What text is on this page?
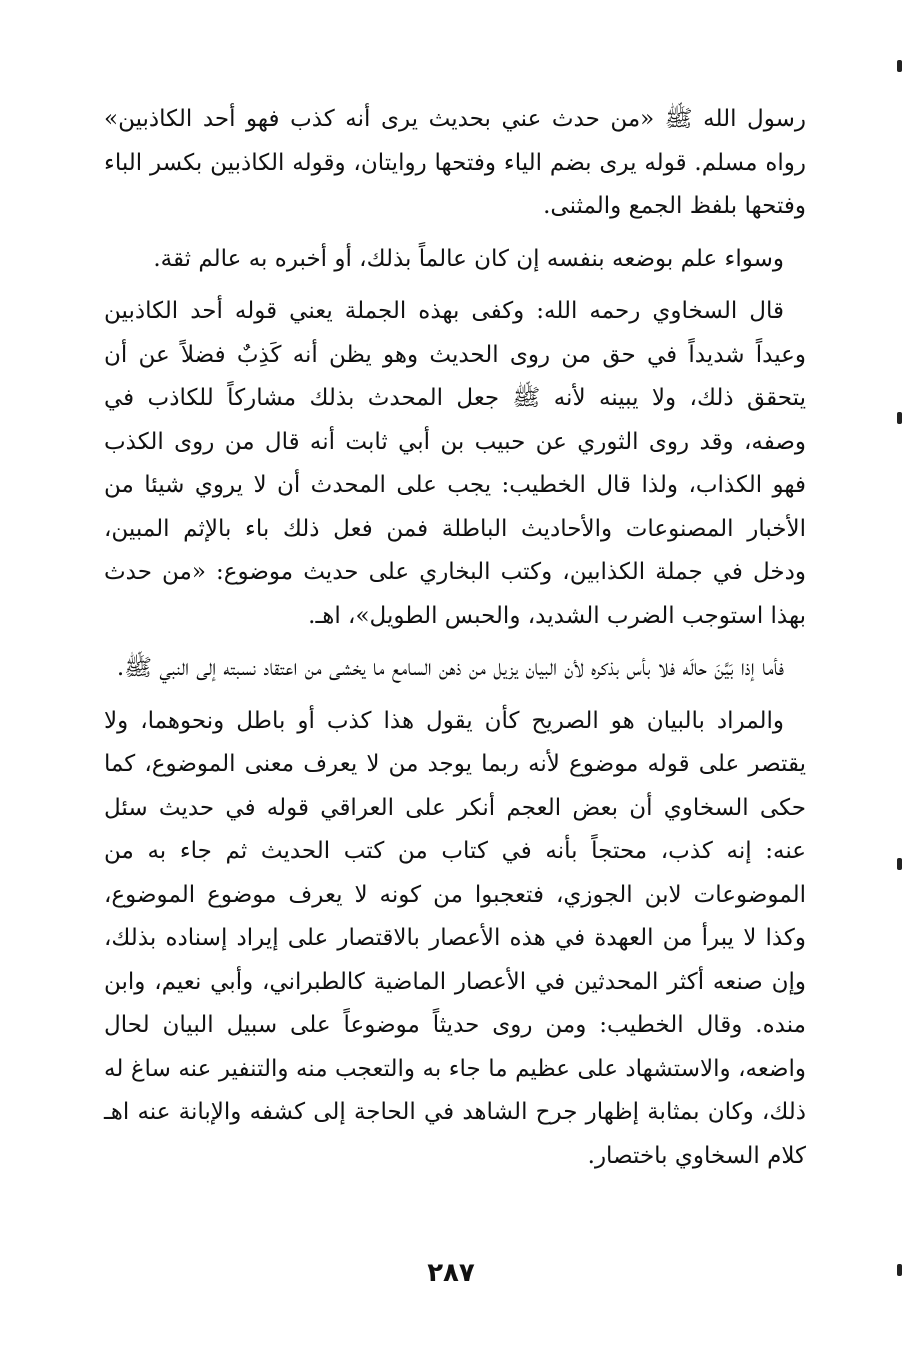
رسول الله ﷺ «من حدث عني بحديث يرى أنه كذب فهو أحد الكاذبين» رواه مسلم. قوله يرى بضم الياء وفتحها روايتان، وقوله الكاذبين بكسر الباء وفتحها بلفظ الجمع والمثنى.

وسواء علم بوضعه بنفسه إن كان عالماً بذلك، أو أخبره به عالم ثقة.

قال السخاوي رحمه الله: وكفى بهذه الجملة يعني قوله أحد الكاذبين وعيداً شديداً في حق من روى الحديث وهو يظن أنه كَذِبٌ فضلاً عن أن يتحقق ذلك، ولا يبينه لأنه ﷺ جعل المحدث بذلك مشاركاً للكاذب في وصفه، وقد روى الثوري عن حبيب بن أبي ثابت أنه قال من روى الكذب فهو الكذاب، ولذا قال الخطيب: يجب على المحدث أن لا يروي شيئا من الأخبار المصنوعات والأحاديث الباطلة فمن فعل ذلك باء بالإثم المبين، ودخل في جملة الكذابين، وكتب البخاري على حديث موضوع: «من حدث بهذا استوجب الضرب الشديد، والحبس الطويل»، اهـ.

فأما إذا بَيَّنَ حالَه فلا بأس بذكره لأن البيان يزيل من ذهن السامع ما يخشى من اعتقاد نسبته إلى النبي ﷺ.

والمراد بالبيان هو الصريح كأن يقول هذا كذب أو باطل ونحوهما، ولا يقتصر على قوله موضوع لأنه ربما يوجد من لا يعرف معنى الموضوع، كما حكى السخاوي أن بعض العجم أنكر على العراقي قوله في حديث سئل عنه: إنه كذب، محتجاً بأنه في كتاب من كتب الحديث ثم جاء به من الموضوعات لابن الجوزي، فتعجبوا من كونه لا يعرف موضوع الموضوع، وكذا لا يبرأ من العهدة في هذه الأعصار بالاقتصار على إيراد إسناده بذلك، وإن صنعه أكثر المحدثين في الأعصار الماضية كالطبراني، وأبي نعيم، وابن منده. وقال الخطيب: ومن روى حديثاً موضوعاً على سبيل البيان لحال واضعه، والاستشهاد على عظيم ما جاء به والتعجب منه والتنفير عنه ساغ له ذلك، وكان بمثابة إظهار جرح الشاهد في الحاجة إلى كشفه والإبانة عنه اهـ كلام السخاوي باختصار.

٢٨٧
